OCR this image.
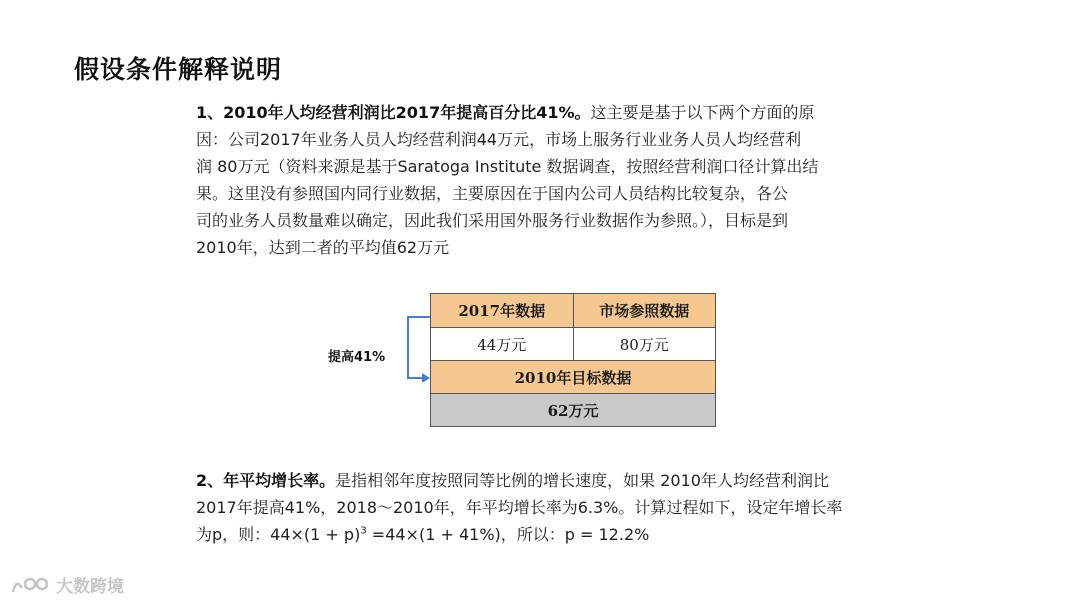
假设条件解释说明
1、2010年人均经营利润比2017年提高百分比41%。这主要是基于以下两个方面的原
因：公司2017年业务人员人均经营利润44万元，市场上服务行业业务人员人均经营利
润 80万元（资料来源是基于Saratoga Institute 数据调查，按照经营利润口径计算出结
果。这里没有参照国内同行业数据，主要原因在于国内公司人员结构比较复杂，各公
司的业务人员数量难以确定，因此我们采用国外服务行业数据作为参照。），目标是到
2010年，达到二者的平均值62万元
提高41%
2017年数据	市场参照数据
44万元	80万元
2010年目标数据
62万元
2、年平均增长率。是指相邻年度按照同等比例的增长速度，如果 2010年人均经营利润比
2017年提高41%，2018～2010年，年平均增长率为6.3%。计算过程如下，设定年增长率
为p，则：$44\times(1 + p)^3 =44\times(1 + 41\%)$，所以：p = 12.2%
大数跨境
